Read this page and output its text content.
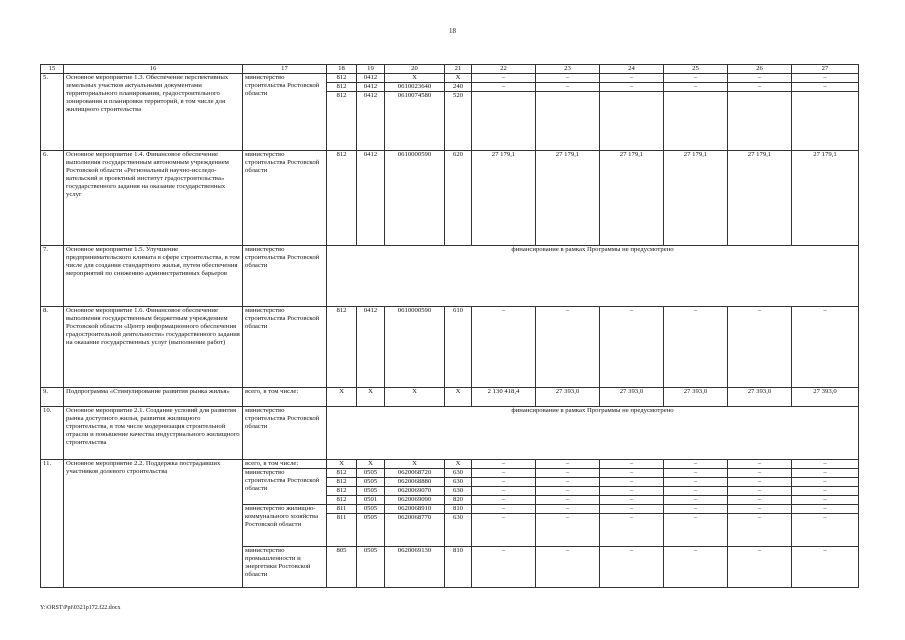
18
15	16	17	18	19	20	21	22	23	24	25	26	27
5.	Основное мероприятие 1.3. Обеспечение перспективных земельных участков актуальными документами территориального планирования, градостроительного зонирования и планировки территорий, в том числе для жилищного строительства	министерство строительства Ростовской области	812	0412	X	X	–	–	–	–	–	–
			812	0412	0610023640	240	–	–	–	–	–	–
			812	0412	0610074580	520						
6.	Основное мероприятие 1.4. Финансовое обеспечение выполнения государственным автономным учреждением Ростовской области «Региональный научно-исследо-вательский и проектный институт градостроительства» государственного задания на оказание государственных услуг	министерство строительства Ростовской области	812	0412	0610000590	620	27 179,1	27 179,1	27 179,1	27 179,1	27 179,1	27 179,1
7.	Основное мероприятие 1.5. Улучшение предпринимательского климата в сфере строительства, в том числе для создания стандартного жилья, путем обеспечения мероприятий по снижению административных барьеров	министерство строительства Ростовской области	финансирование в рамках Программы не предусмотрено									
8.	Основное мероприятие 1.6. Финансовое обеспечение выполнения государственным бюджетным учреждением Ростовской области «Центр информационного обеспечения градостроительной деятельности» государственного задания на оказание государственных услуг (выполнение работ)	министерство строительства Ростовской области	812	0412	0610000590	610	–	–	–	–	–	–
9.	Подпрограмма «Стимулирование развития рынка жилья»	всего, в том числе:	X	X	X	X	2 130 418,4	27 393,0	27 393,0	27 393,0	27 393,0	27 393,0
10.	Основное мероприятие 2.1. Создание условий для развития рынка доступного жилья, развития жилищного строительства, в том числе модернизация строительной отрасли и повышение качества индустриального жилищного строительства	министерство строительства Ростовской области	финансирование в рамках Программы не предусмотрено									
11.	Основное мероприятие 2.2. Поддержка пострадавших участников долевого строительства	всего, в том числе:	X	X	X	X	–	–	–	–	–	–
		министерство строительства Ростовской области	812	0505	0620068720	630	–	–	–	–	–	–
			812	0505	0620068880	630	–	–	–	–	–	–
			812	0505	0620069070	630	–	–	–	–	–	–
			812	0501	0620069090	820	–	–	–	–	–	–
		министерство жилищно-коммунального хозяйства Ростовской области	811	0505	0620068910	810	–	–	–	–	–	–
			811	0505	0620068770	630	–	–	–	–	–	–
		министерство промышленности и энергетики Ростовской области	805	0505	0620069130	810	–	–	–	–	–	–
Y:\ORST\Ppi\0321p172.f22.docx
